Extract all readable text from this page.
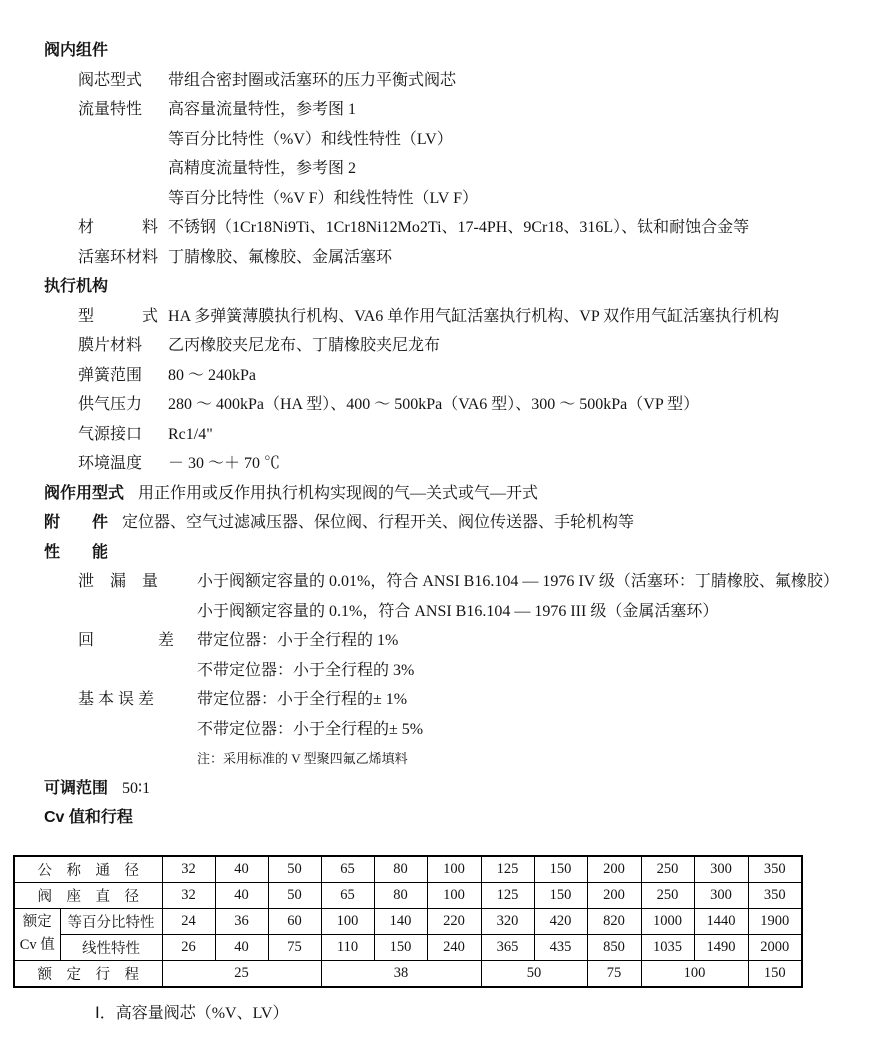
阀内组件
阀芯型式 带组合密封圈或活塞环的压力平衡式阀芯
流量特性 高容量流量特性，参考图 1
等百分比特性（%V）和线性特性（LV）
高精度流量特性，参考图 2
等百分比特性（%V F）和线性特性（LV F）
材　　　料 不锈钢（1Cr18Ni9Ti、1Cr18Ni12Mo2Ti、17-4PH、9Cr18、316L）、钛和耐蚀合金等
活塞环材料 丁腈橡胶、氟橡胶、金属活塞环
执行机构
型　　　式 HA 多弹簧薄膜执行机构、VA6 单作用气缸活塞执行机构、VP 双作用气缸活塞执行机构
膜片材料 乙丙橡胶夹尼龙布、丁腈橡胶夹尼龙布
弹簧范围 80 ～ 240kPa
供气压力 280 ～ 400kPa（HA 型）、400 ～ 500kPa（VA6 型）、300 ～ 500kPa（VP 型）
气源接口 Rc1/4"
环境温度 － 30 ～＋ 70 ℃
阀作用型式 用正作用或反作用执行机构实现阀的气—关式或气—开式
附　　件 定位器、空气过滤减压器、保位阀、行程开关、阀位传送器、手轮机构等
性　　能
泄　漏　量 小于阀额定容量的 0.01%，符合 ANSI B16.104 — 1976 IV 级（活塞环：丁腈橡胶、氟橡胶）
小于阀额定容量的 0.1%，符合 ANSI B16.104 — 1976 III 级（金属活塞环）
回　　　　差 带定位器：小于全行程的 1%
不带定位器：小于全行程的 3%
基 本 误 差	带定位器：小于全行程的± 1%
不带定位器：小于全行程的± 5%
注：采用标准的 V 型聚四氟乙烯填料
可调范围 50∶1
Cv 值和行程
公　称　通　径		32	40	50	65	80	100	125	150	200	250	300	350
阀　座　直　径		32	40	50	65	80	100	125	150	200	250	300	350

额定
Cv 值	等百分比特性	24	36	60	100	140	220	320	420	820	1000	1440	1900
	线性特性	26	40	75	110	150	240	365	435	850	1035	1490	2000
额　定　行　程		25			38			50		75	100		150
Ⅰ．高容量阀芯（%V、LV）
